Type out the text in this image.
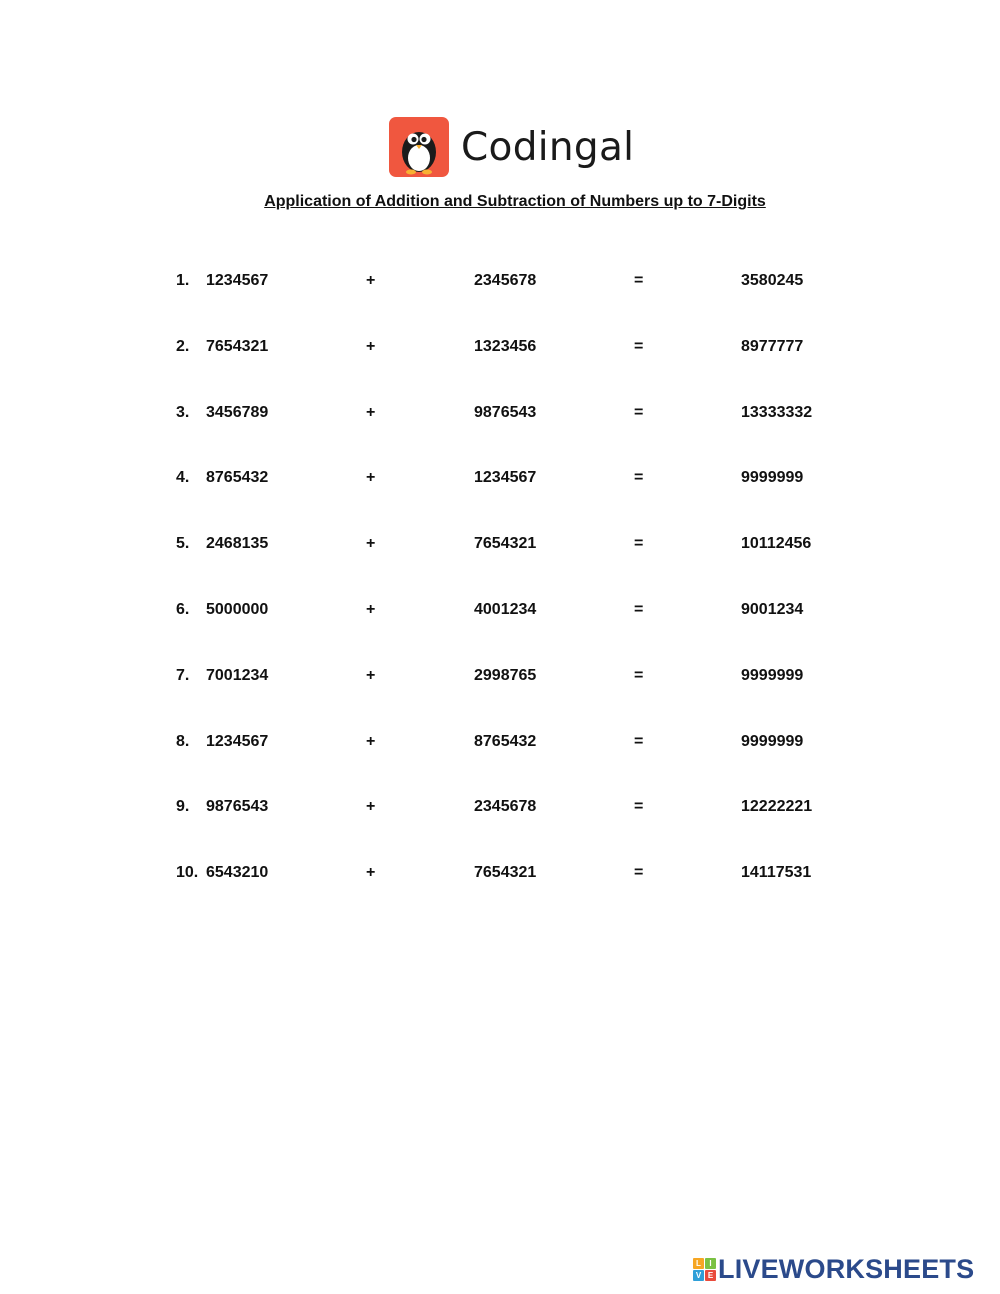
Codingal
Application of Addition and Subtraction of Numbers up to 7-Digits
1. 1234567	+	2345678	=	3580245
2. 7654321	+	1323456	=	8977777
3. 3456789	+	9876543	=	13333332
4. 8765432	+	1234567	=	9999999
5. 2468135	+	7654321	=	10112456
6. 5000000	+	4001234	=	9001234
7. 7001234	+	2998765	=	9999999
8. 1234567	+	8765432	=	9999999
9. 9876543	+	2345678	=	12222221
10. 6543210	+	7654321	=	14117531
L	I
V E LIVEWORKSHEETS
